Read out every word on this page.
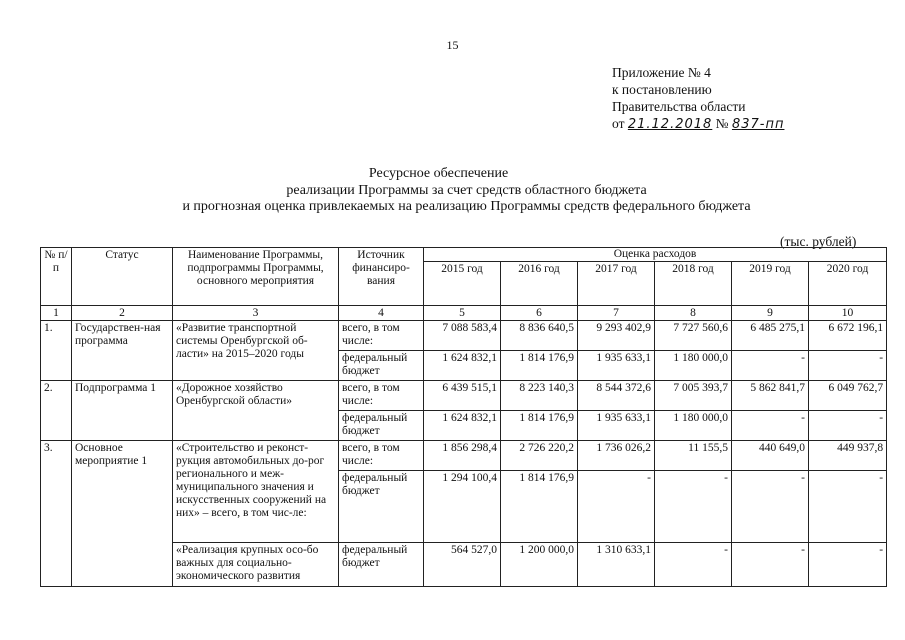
15
Приложение № 4
к постановлению
Правительства области
от 21.12.2018 № 837-пп
Ресурсное обеспечение
реализации Программы за счет средств областного бюджета
и прогнозная оценка привлекаемых на реализацию Программы средств федерального бюджета
(тыс. рублей)
№ п/п	Статус	Наименование Программы, подпрограммы Программы, основного мероприятия	Источник финансиро-вания	Оценка расходов					
				2015 год	2016 год	2017 год	2018 год	2019 год	2020 год
1	2	3	4	5	6	7	8	9	10
1.	Государствен-ная программа	«Развитие транспортной системы Оренбургской об-ласти» на 2015–2020 годы	всего, в том числе:	7 088 583,4	8 836 640,5	9 293 402,9	7 727 560,6	6 485 275,1	6 672 196,1
			федеральный бюджет	1 624 832,1	1 814 176,9	1 935 633,1	1 180 000,0	-	-
2.	Подпрограмма 1	«Дорожное хозяйство Оренбургской области»	всего, в том числе:	6 439 515,1	8 223 140,3	8 544 372,6	7 005 393,7	5 862 841,7	6 049 762,7
			федеральный бюджет	1 624 832,1	1 814 176,9	1 935 633,1	1 180 000,0	-	-
3.	Основное мероприятие 1	«Строительство и реконст-рукция автомобильных до-рог регионального и меж-муниципального значения и искусственных сооружений на них» – всего, в том чис-ле:	всего, в том числе:	1 856 298,4	2 726 220,2	1 736 026,2	11 155,5	440 649,0	449 937,8
			федеральный бюджет	1 294 100,4	1 814 176,9	-	-	-	-
		«Реализация крупных осо-бо важных для социально-экономического развития	федеральный бюджет	564 527,0	1 200 000,0	1 310 633,1	-	-	-
